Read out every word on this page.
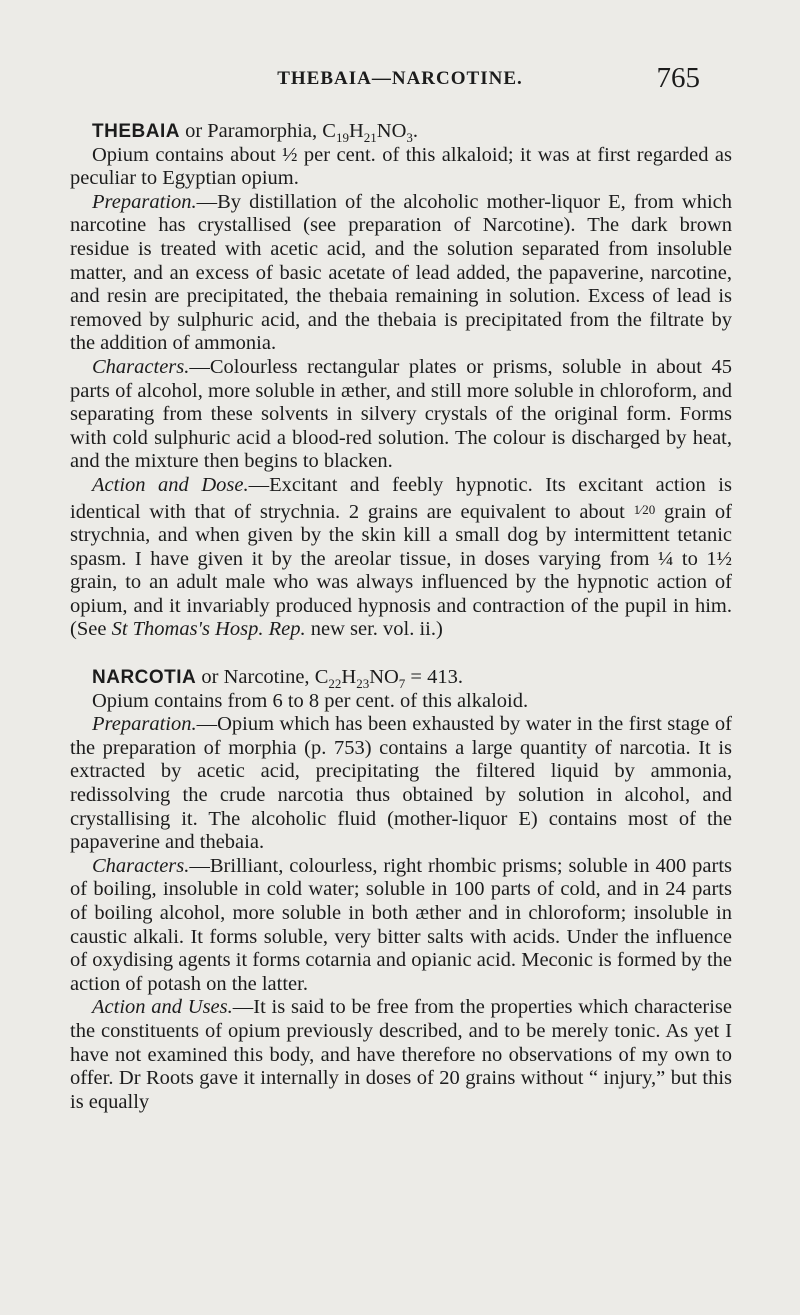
THEBAIA—NARCOTINE.	765
THEBAIA or Paramorphia, $C_{19}H_{21}NO_3$.

Opium contains about ½ per cent. of this alkaloid; it was at first regarded as peculiar to Egyptian opium.

Preparation.—By distillation of the alcoholic mother-liquor E, from which narcotine has crystallised (see preparation of Narcotine). The dark brown residue is treated with acetic acid, and the solution separated from insoluble matter, and an excess of basic acetate of lead added, the papaverine, narcotine, and resin are precipitated, the thebaia remaining in solution. Excess of lead is removed by sulphuric acid, and the thebaia is precipitated from the filtrate by the addition of ammonia.

Characters.—Colourless rectangular plates or prisms, soluble in about 45 parts of alcohol, more soluble in æther, and still more soluble in chloroform, and separating from these solvents in silvery crystals of the original form. Forms with cold sulphuric acid a blood-red solution. The colour is discharged by heat, and the mixture then begins to blacken.

Action and Dose.—Excitant and feebly hypnotic. Its excitant action is identical with that of strychnia. 2 grains are equivalent to about 1⁄20 grain of strychnia, and when given by the skin kill a small dog by intermittent tetanic spasm. I have given it by the areolar tissue, in doses varying from ¼ to 1½ grain, to an adult male who was always influenced by the hypnotic action of opium, and it invariably produced hypnosis and contraction of the pupil in him. (See St Thomas's Hosp. Rep. new ser. vol. ii.)

NARCOTIA or Narcotine, $C_{22}H_{23}NO_7 = 413$.

Opium contains from 6 to 8 per cent. of this alkaloid.

Preparation.—Opium which has been exhausted by water in the first stage of the preparation of morphia (p. 753) contains a large quantity of narcotia. It is extracted by acetic acid, precipitating the filtered liquid by ammonia, redissolving the crude narcotia thus obtained by solution in alcohol, and crystallising it. The alcoholic fluid (mother-liquor E) contains most of the papaverine and thebaia.

Characters.—Brilliant, colourless, right rhombic prisms; soluble in 400 parts of boiling, insoluble in cold water; soluble in 100 parts of cold, and in 24 parts of boiling alcohol, more soluble in both æther and in chloroform; insoluble in caustic alkali. It forms soluble, very bitter salts with acids. Under the influence of oxydising agents it forms cotarnia and opianic acid. Meconic is formed by the action of potash on the latter.

Action and Uses.—It is said to be free from the properties which characterise the constituents of opium previously described, and to be merely tonic. As yet I have not examined this body, and have therefore no observations of my own to offer. Dr Roots gave it internally in doses of 20 grains without “ injury,” but this is equally
